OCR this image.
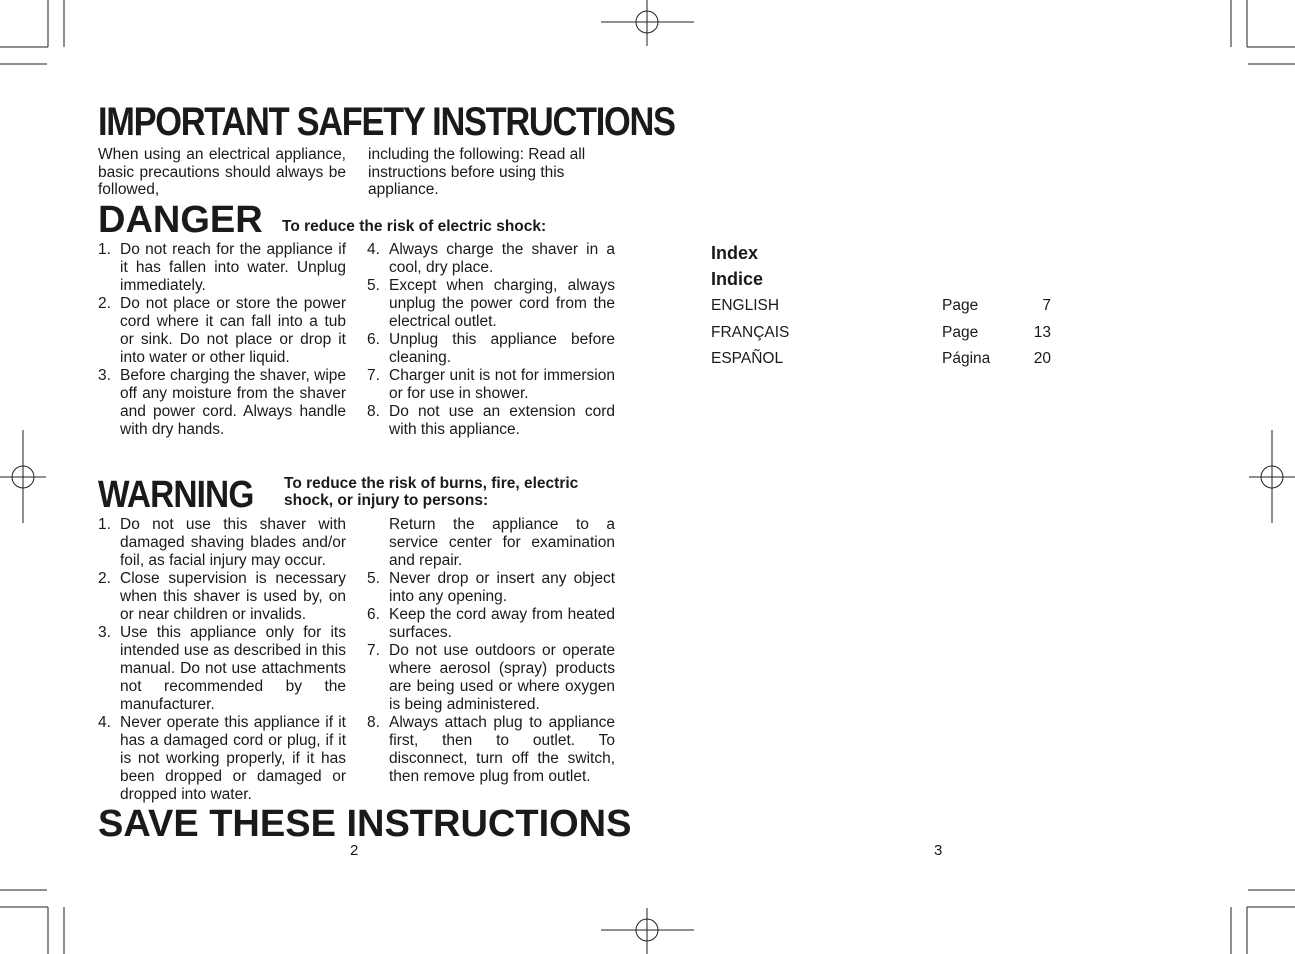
IMPORTANT SAFETY INSTRUCTIONS
When using an electrical appliance, basic precautions should always be followed,
including the following: Read all instructions before using this appliance.
DANGER To reduce the risk of electric shock:
1. Do not reach for the appliance if it has fallen into water. Unplug immediately.
2. Do not place or store the power cord where it can fall into a tub or sink. Do not place or drop it into water or other liquid.
3. Before charging the shaver, wipe off any moisture from the shaver and power cord. Always handle with dry hands.
4. Always charge the shaver in a cool, dry place.
5. Except when charging, always unplug the power cord from the electrical outlet.
6. Unplug this appliance before cleaning.
7. Charger unit is not for immersion or for use in shower.
8. Do not use an extension cord with this appliance.
WARNING To reduce the risk of burns, fire, electric shock, or injury to persons:
1. Do not use this shaver with damaged shaving blades and/or foil, as facial injury may occur.
2. Close supervision is necessary when this shaver is used by, on or near children or invalids.
3. Use this appliance only for its intended use as described in this manual. Do not use attachments not recommended by the manufacturer.
4. Never operate this appliance if it has a damaged cord or plug, if it is not working properly, if it has been dropped or damaged or dropped into water.
Return the appliance to a service center for examination and repair.
5. Never drop or insert any object into any opening.
6. Keep the cord away from heated surfaces.
7. Do not use outdoors or operate where aerosol (spray) products are being used or where oxygen is being administered.
8. Always attach plug to appliance first, then to outlet. To disconnect, turn off the switch, then remove plug from outlet.
SAVE THESE INSTRUCTIONS
2
Index
Indice
ENGLISH	Page	7
FRANÇAIS	Page	13
ESPAÑOL	Página	20
3
